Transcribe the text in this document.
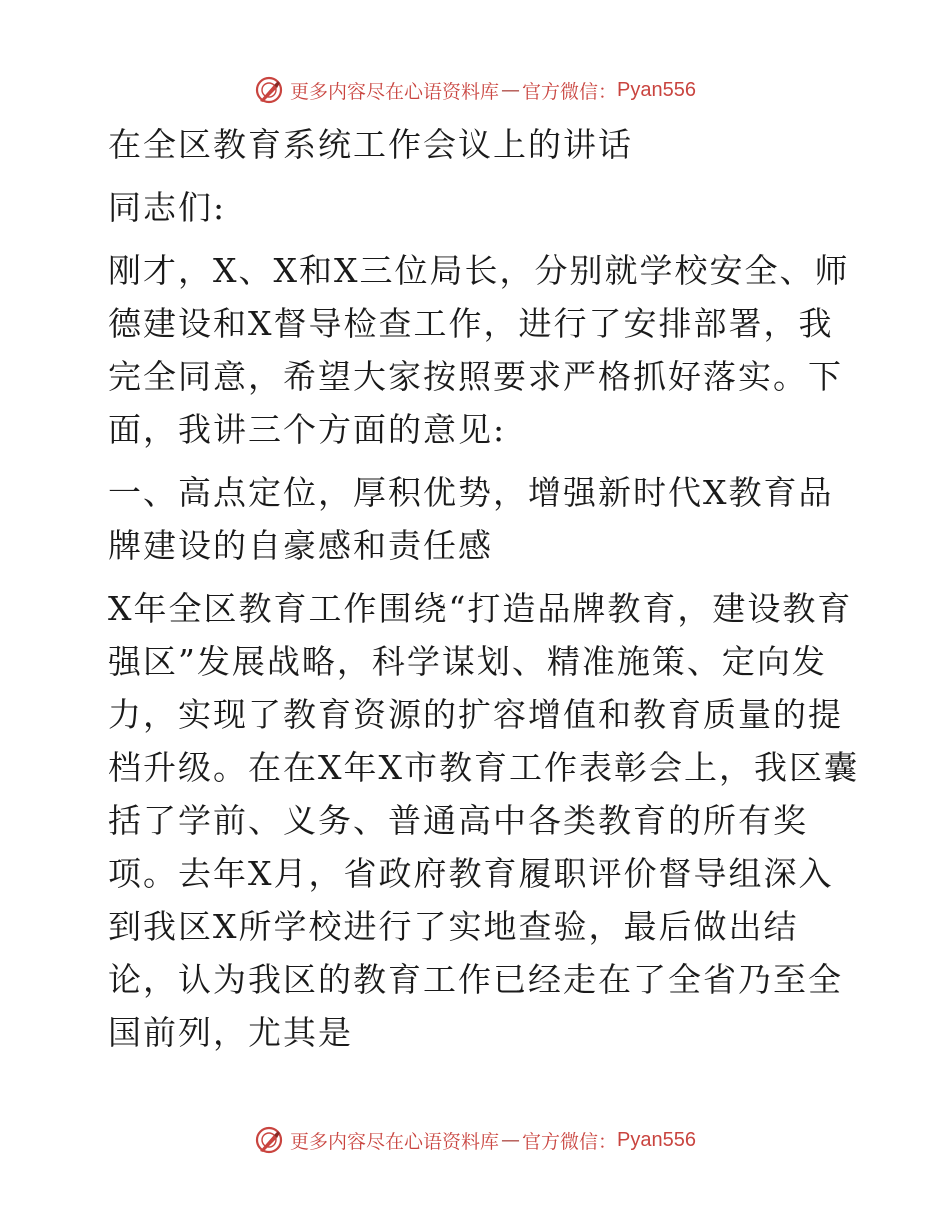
更多内容尽在心语资料库 — 官方微信： Pyan556

在全区教育系统工作会议上的讲话

同志们:

刚才，X、X和X三位局长，分别就学校安全、师德建设和X督导检查工作，进行了安排部署，我完全同意，希望大家按照要求严格抓好落实。下面，我讲三个方面的意见:

一、高点定位，厚积优势，增强新时代X教育品牌建设的自豪感和责任感

X年全区教育工作围绕“打造品牌教育，建设教育强区”发展战略，科学谋划、精准施策、定向发力，实现了教育资源的扩容增值和教育质量的提档升级。在在X年X市教育工作表彰会上，我区囊括了学前、义务、普通高中各类教育的所有奖项。去年X月，省政府教育履职评价督导组深入到我区X所学校进行了实地查验，最后做出结论，认为我区的教育工作已经走在了全省乃至全国前列，尤其是

更多内容尽在心语资料库 — 官方微信： Pyan556
